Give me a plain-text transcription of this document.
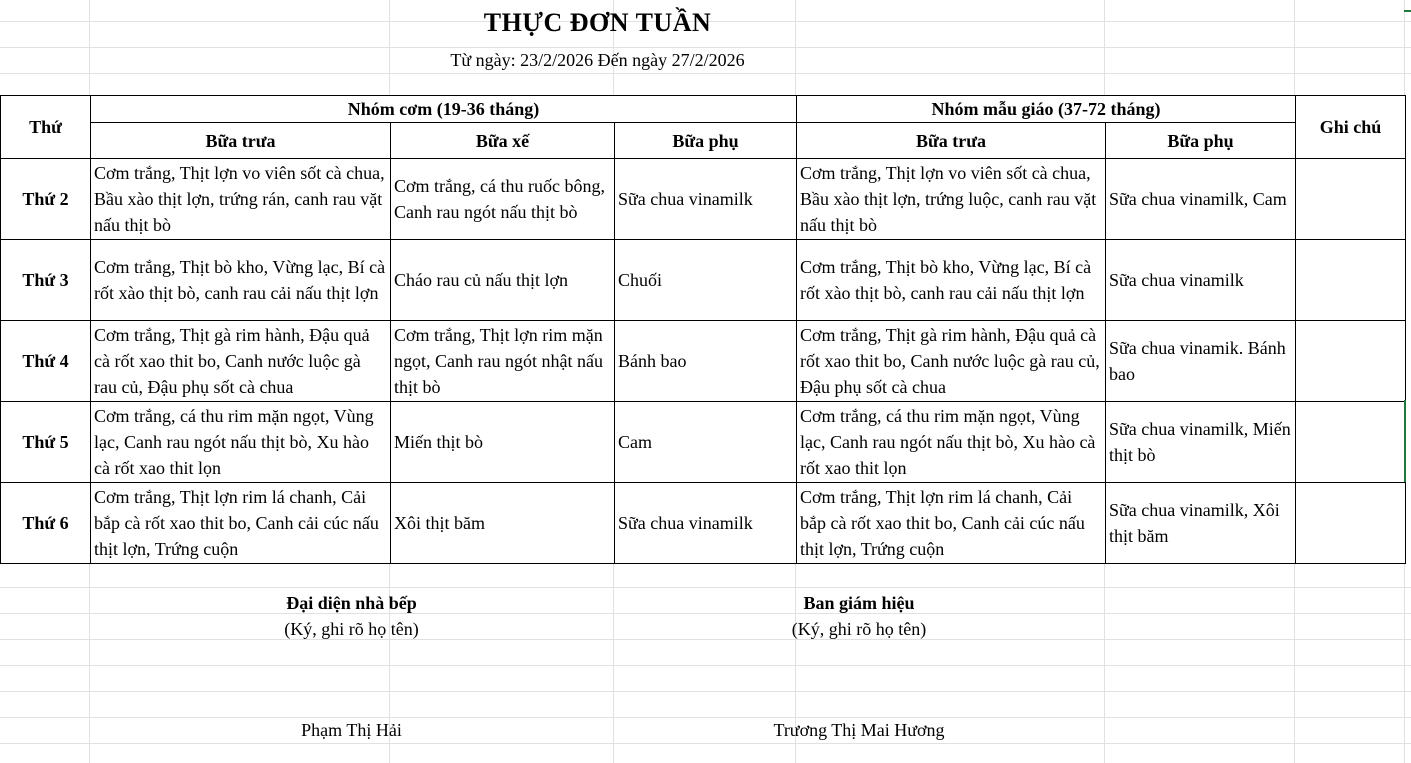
THỰC ĐƠN TUẦN
Từ ngày: 23/2/2026 Đến ngày 27/2/2026
Thứ	Nhóm cơm (19-36 tháng)			Nhóm mẫu giáo (37-72 tháng)		Ghi chú
	Bữa trưa	Bữa xế	Bữa phụ	Bữa trưa	Bữa phụ	
Thứ 2	Cơm trắng, Thịt lợn vo viên sốt cà chua, Bầu xào thịt lợn, trứng rán, canh rau vặt nấu thịt bò	Cơm trắng, cá thu ruốc bông, Canh rau ngót nấu thịt bò	Sữa chua vinamilk	Cơm trắng, Thịt lợn vo viên sốt cà chua, Bầu xào thịt lợn, trứng luộc, canh rau vặt nấu thịt bò	Sữa chua vinamilk, Cam	
Thứ 3	Cơm trắng, Thịt bò kho, Vừng lạc, Bí cà rốt xào thịt bò, canh rau cải nấu thịt lợn	Cháo rau củ nấu thịt lợn	Chuối	Cơm trắng, Thịt bò kho, Vừng lạc, Bí cà rốt xào thịt bò, canh rau cải nấu thịt lợn	Sữa chua vinamilk	
Thứ 4	Cơm trắng, Thịt gà rim hành, Đậu quả cà rốt xao thit bo, Canh nước luộc gà rau củ, Đậu phụ sốt cà chua	Cơm trắng, Thịt lợn rim mặn ngọt, Canh rau ngót nhật nấu thịt bò	Bánh bao	Cơm trắng, Thịt gà rim hành, Đậu quả cà rốt xao thit bo, Canh nước luộc gà rau củ, Đậu phụ sốt cà chua	Sữa chua vinamik. Bánh bao	
Thứ 5	Cơm trắng, cá thu rim mặn ngọt, Vùng lạc, Canh rau ngót nấu thịt bò, Xu hào cà rốt xao thit lọn	Miến thịt bò	Cam	Cơm trắng, cá thu rim mặn ngọt, Vùng lạc, Canh rau ngót nấu thịt bò, Xu hào cà rốt xao thit lọn	Sữa chua vinamilk, Miến thịt bò	
Thứ 6	Cơm trắng, Thịt lợn rim lá chanh, Cải bắp cà rốt xao thit bo, Canh cải cúc nấu thịt lợn, Trứng cuộn	Xôi thịt băm	Sữa chua vinamilk	Cơm trắng, Thịt lợn rim lá chanh, Cải bắp cà rốt xao thit bo, Canh cải cúc nấu thịt lợn, Trứng cuộn	Sữa chua vinamilk, Xôi thịt băm	
Đại diện nhà bếp
(Ký, ghi rõ họ tên)
Ban giám hiệu
(Ký, ghi rõ họ tên)
Phạm Thị Hải	Trương Thị Mai Hương
